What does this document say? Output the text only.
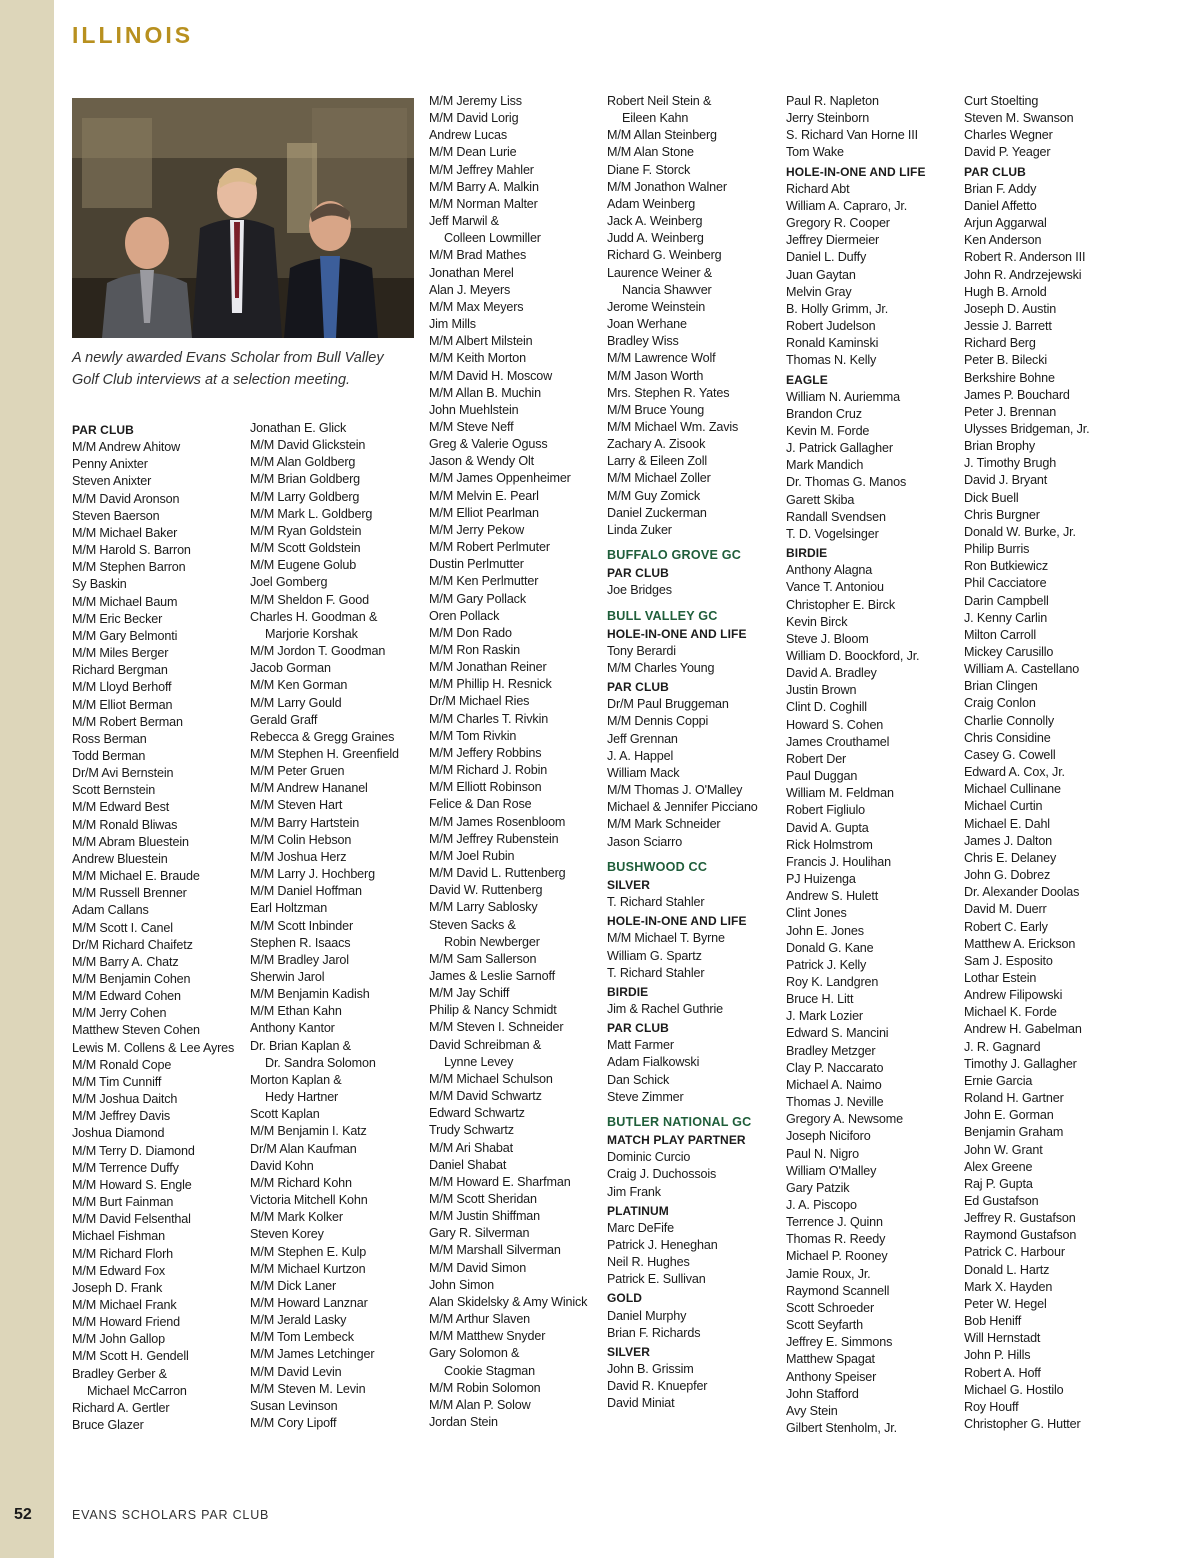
ILLINOIS

A newly awarded Evans Scholar from Bull Valley Golf Club interviews at a selection meeting.

PAR CLUB
M/M Andrew Ahitow
Penny Anixter
Steven Anixter
M/M David Aronson
Steven Baerson
M/M Michael Baker
M/M Harold S. Barron
M/M Stephen Barron
Sy Baskin
M/M Michael Baum
M/M Eric Becker
M/M Gary Belmonti
M/M Miles Berger
Richard Bergman
M/M Lloyd Berhoff
M/M Elliot Berman
M/M Robert Berman
Ross Berman
Todd Berman
Dr/M Avi Bernstein
Scott Bernstein
M/M Edward Best
M/M Ronald Bliwas
M/M Abram Bluestein
Andrew Bluestein
M/M Michael E. Braude
M/M Russell Brenner
Adam Callans
M/M Scott I. Canel
Dr/M Richard Chaifetz
M/M Barry A. Chatz
M/M Benjamin Cohen
M/M Edward Cohen
M/M Jerry Cohen
Matthew Steven Cohen
Lewis M. Collens & Lee Ayres
M/M Ronald Cope
M/M Tim Cunniff
M/M Joshua Daitch
M/M Jeffrey Davis
Joshua Diamond
M/M Terry D. Diamond
M/M Terrence Duffy
M/M Howard S. Engle
M/M Burt Fainman
M/M David Felsenthal
Michael Fishman
M/M Richard Florh
M/M Edward Fox
Joseph D. Frank
M/M Michael Frank
M/M Howard Friend
M/M John Gallop
M/M Scott H. Gendell
Bradley Gerber &
Michael McCarron
Richard A. Gertler
Bruce Glazer
Jonathan E. Glick
M/M David Glickstein
M/M Alan Goldberg
M/M Brian Goldberg
M/M Larry Goldberg
M/M Mark L. Goldberg
M/M Ryan Goldstein
M/M Scott Goldstein
M/M Eugene Golub
Joel Gomberg
M/M Sheldon F. Good
Charles H. Goodman &
Marjorie Korshak
M/M Jordon T. Goodman
Jacob Gorman
M/M Ken Gorman
M/M Larry Gould
Gerald Graff
Rebecca & Gregg Graines
M/M Stephen H. Greenfield
M/M Peter Gruen
M/M Andrew Hananel
M/M Steven Hart
M/M Barry Hartstein
M/M Colin Hebson
M/M Joshua Herz
M/M Larry J. Hochberg
M/M Daniel Hoffman
Earl Holtzman
M/M Scott Inbinder
Stephen R. Isaacs
M/M Bradley Jarol
Sherwin Jarol
M/M Benjamin Kadish
M/M Ethan Kahn
Anthony Kantor
Dr. Brian Kaplan &
Dr. Sandra Solomon
Morton Kaplan &
Hedy Hartner
Scott Kaplan
M/M Benjamin I. Katz
Dr/M Alan Kaufman
David Kohn
M/M Richard Kohn
Victoria Mitchell Kohn
M/M Mark Kolker
Steven Korey
M/M Stephen E. Kulp
M/M Michael Kurtzon
M/M Dick Laner
M/M Howard Lanznar
M/M Jerald Lasky
M/M Tom Lembeck
M/M James Letchinger
M/M David Levin
M/M Steven M. Levin
Susan Levinson
M/M Cory Lipoff
M/M Jeremy Liss
M/M David Lorig
Andrew Lucas
M/M Dean Lurie
M/M Jeffrey Mahler
M/M Barry A. Malkin
M/M Norman Malter
Jeff Marwil &
Colleen Lowmiller
M/M Brad Mathes
Jonathan Merel
Alan J. Meyers
M/M Max Meyers
Jim Mills
M/M Albert Milstein
M/M Keith Morton
M/M David H. Moscow
M/M Allan B. Muchin
John Muehlstein
M/M Steve Neff
Greg & Valerie Oguss
Jason & Wendy Olt
M/M James Oppenheimer
M/M Melvin E. Pearl
M/M Elliot Pearlman
M/M Jerry Pekow
M/M Robert Perlmuter
Dustin Perlmutter
M/M Ken Perlmutter
M/M Gary Pollack
Oren Pollack
M/M Don Rado
M/M Ron Raskin
M/M Jonathan Reiner
M/M Phillip H. Resnick
Dr/M Michael Ries
M/M Charles T. Rivkin
M/M Tom Rivkin
M/M Jeffery Robbins
M/M Richard J. Robin
M/M Elliott Robinson
Felice & Dan Rose
M/M James Rosenbloom
M/M Jeffrey Rubenstein
M/M Joel Rubin
M/M David L. Ruttenberg
David W. Ruttenberg
M/M Larry Sablosky
Steven Sacks &
Robin Newberger
M/M Sam Sallerson
James & Leslie Sarnoff
M/M Jay Schiff
Philip & Nancy Schmidt
M/M Steven I. Schneider
David Schreibman &
Lynne Levey
M/M Michael Schulson
M/M David Schwartz
Edward Schwartz
Trudy Schwartz
M/M Ari Shabat
Daniel Shabat
M/M Howard E. Sharfman
M/M Scott Sheridan
M/M Justin Shiffman
Gary R. Silverman
M/M Marshall Silverman
M/M David Simon
John Simon
Alan Skidelsky & Amy Winick
M/M Arthur Slaven
M/M Matthew Snyder
Gary Solomon &
Cookie Stagman
M/M Robin Solomon
M/M Alan P. Solow
Jordan Stein
Robert Neil Stein &
Eileen Kahn
M/M Allan Steinberg
M/M Alan Stone
Diane F. Storck
M/M Jonathon Walner
Adam Weinberg
Jack A. Weinberg
Judd A. Weinberg
Richard G. Weinberg
Laurence Weiner &
Nancia Shawver
Jerome Weinstein
Joan Werhane
Bradley Wiss
M/M Lawrence Wolf
M/M Jason Worth
Mrs. Stephen R. Yates
M/M Bruce Young
M/M Michael Wm. Zavis
Zachary A. Zisook
Larry & Eileen Zoll
M/M Michael Zoller
M/M Guy Zomick
Daniel Zuckerman
Linda Zuker
BUFFALO GROVE GC
PAR CLUB
Joe Bridges
BULL VALLEY GC
HOLE-IN-ONE AND LIFE
Tony Berardi
M/M Charles Young
PAR CLUB
Dr/M Paul Bruggeman
M/M Dennis Coppi
Jeff Grennan
J. A. Happel
William Mack
M/M Thomas J. O'Malley
Michael & Jennifer Picciano
M/M Mark Schneider
Jason Sciarro
BUSHWOOD CC
SILVER
T. Richard Stahler
HOLE-IN-ONE AND LIFE
M/M Michael T. Byrne
William G. Spartz
T. Richard Stahler
BIRDIE
Jim & Rachel Guthrie
PAR CLUB
Matt Farmer
Adam Fialkowski
Dan Schick
Steve Zimmer
BUTLER NATIONAL GC
MATCH PLAY PARTNER
Dominic Curcio
Craig J. Duchossois
Jim Frank
PLATINUM
Marc DeFife
Patrick J. Heneghan
Neil R. Hughes
Patrick E. Sullivan
GOLD
Daniel Murphy
Brian F. Richards
SILVER
John B. Grissim
David R. Knuepfer
David Miniat
Paul R. Napleton
Jerry Steinborn
S. Richard Van Horne III
Tom Wake
HOLE-IN-ONE AND LIFE
Richard Abt
William A. Capraro, Jr.
Gregory R. Cooper
Jeffrey Diermeier
Daniel L. Duffy
Juan Gaytan
Melvin Gray
B. Holly Grimm, Jr.
Robert Judelson
Ronald Kaminski
Thomas N. Kelly
EAGLE
William N. Auriemma
Brandon Cruz
Kevin M. Forde
J. Patrick Gallagher
Mark Mandich
Dr. Thomas G. Manos
Garett Skiba
Randall Svendsen
T. D. Vogelsinger
BIRDIE
Anthony Alagna
Vance T. Antoniou
Christopher E. Birck
Kevin Birck
Steve J. Bloom
William D. Boockford, Jr.
David A. Bradley
Justin Brown
Clint D. Coghill
Howard S. Cohen
James Crouthamel
Robert Der
Paul Duggan
William M. Feldman
Robert Figliulo
David A. Gupta
Rick Holmstrom
Francis J. Houlihan
PJ Huizenga
Andrew S. Hulett
Clint Jones
John E. Jones
Donald G. Kane
Patrick J. Kelly
Roy K. Landgren
Bruce H. Litt
J. Mark Lozier
Edward S. Mancini
Bradley Metzger
Clay P. Naccarato
Michael A. Naimo
Thomas J. Neville
Gregory A. Newsome
Joseph Niciforo
Paul N. Nigro
William O'Malley
Gary Patzik
J. A. Piscopo
Terrence J. Quinn
Thomas R. Reedy
Michael P. Rooney
Jamie Roux, Jr.
Raymond Scannell
Scott Schroeder
Scott Seyfarth
Jeffrey E. Simmons
Matthew Spagat
Anthony Speiser
John Stafford
Avy Stein
Gilbert Stenholm, Jr.
Curt Stoelting
Steven M. Swanson
Charles Wegner
David P. Yeager
PAR CLUB
Brian F. Addy
Daniel Affetto
Arjun Aggarwal
Ken Anderson
Robert R. Anderson III
John R. Andrzejewski
Hugh B. Arnold
Joseph D. Austin
Jessie J. Barrett
Richard Berg
Peter B. Bilecki
Berkshire Bohne
James P. Bouchard
Peter J. Brennan
Ulysses Bridgeman, Jr.
Brian Brophy
J. Timothy Brugh
David J. Bryant
Dick Buell
Chris Burgner
Donald W. Burke, Jr.
Philip Burris
Ron Butkiewicz
Phil Cacciatore
Darin Campbell
J. Kenny Carlin
Milton Carroll
Mickey Carusillo
William A. Castellano
Brian Clingen
Craig Conlon
Charlie Connolly
Chris Considine
Casey G. Cowell
Edward A. Cox, Jr.
Michael Cullinane
Michael Curtin
Michael E. Dahl
James J. Dalton
Chris E. Delaney
John G. Dobrez
Dr. Alexander Doolas
David M. Duerr
Robert C. Early
Matthew A. Erickson
Sam J. Esposito
Lothar Estein
Andrew Filipowski
Michael K. Forde
Andrew H. Gabelman
J. R. Gagnard
Timothy J. Gallagher
Ernie Garcia
Roland H. Gartner
John E. Gorman
Benjamin Graham
John W. Grant
Alex Greene
Raj P. Gupta
Ed Gustafson
Jeffrey R. Gustafson
Raymond Gustafson
Patrick C. Harbour
Donald L. Hartz
Mark X. Hayden
Peter W. Hegel
Bob Heniff
Will Hernstadt
John P. Hills
Robert A. Hoff
Michael G. Hostilo
Roy Houff
Christopher G. Hutter
52	EVANS SCHOLARS PAR CLUB
